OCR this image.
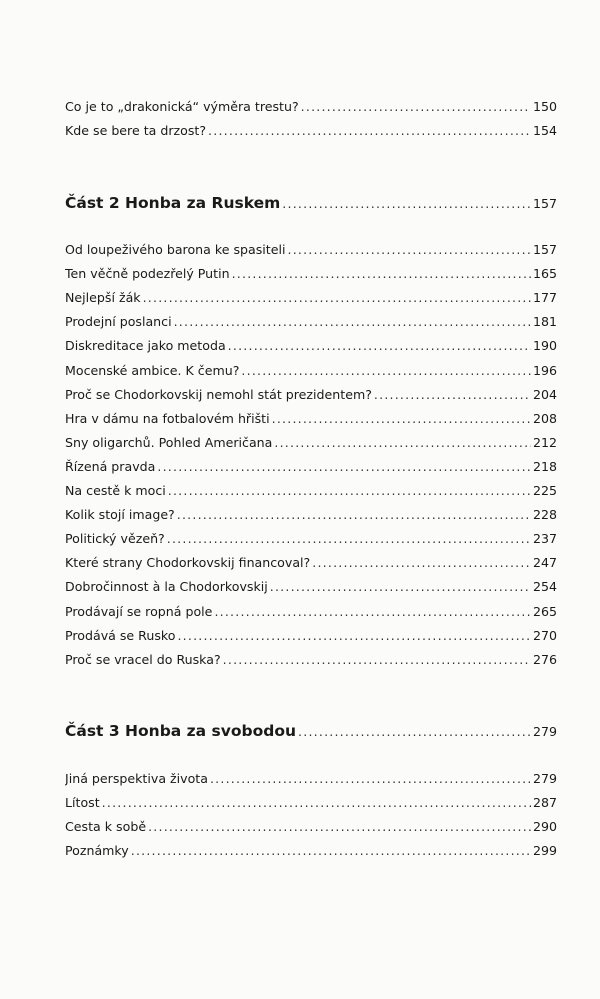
Co je to „drakonická“ výměra trestu? .....	150
Kde se bere ta drzost? .....	154
Část 2 Honba za Ruskem .....	157
Od loupeživého barona ke spasiteli .....	157
Ten věčně podezřelý Putin .....	165
Nejlepší žák .....	177
Prodejní poslanci .....	181
Diskreditace jako metoda .....	190
Mocenské ambice. K čemu? .....	196
Proč se Chodorkovskij nemohl stát prezidentem? .....	204
Hra v dámu na fotbalovém hřišti .....	208
Sny oligarchů. Pohled Američana .....	212
Řízená pravda .....	218
Na cestě k moci .....	225
Kolik stojí image? .....	228
Politický vězeň? .....	237
Které strany Chodorkovskij financoval? .....	247
Dobročinnost à la Chodorkovskij .....	254
Prodávají se ropná pole .....	265
Prodává se Rusko .....	270
Proč se vracel do Ruska? .....	276
Část 3 Honba za svobodou .....	279
Jiná perspektiva života .....	279
Lítost .....	287
Cesta k sobě .....	290
Poznámky .....	299
